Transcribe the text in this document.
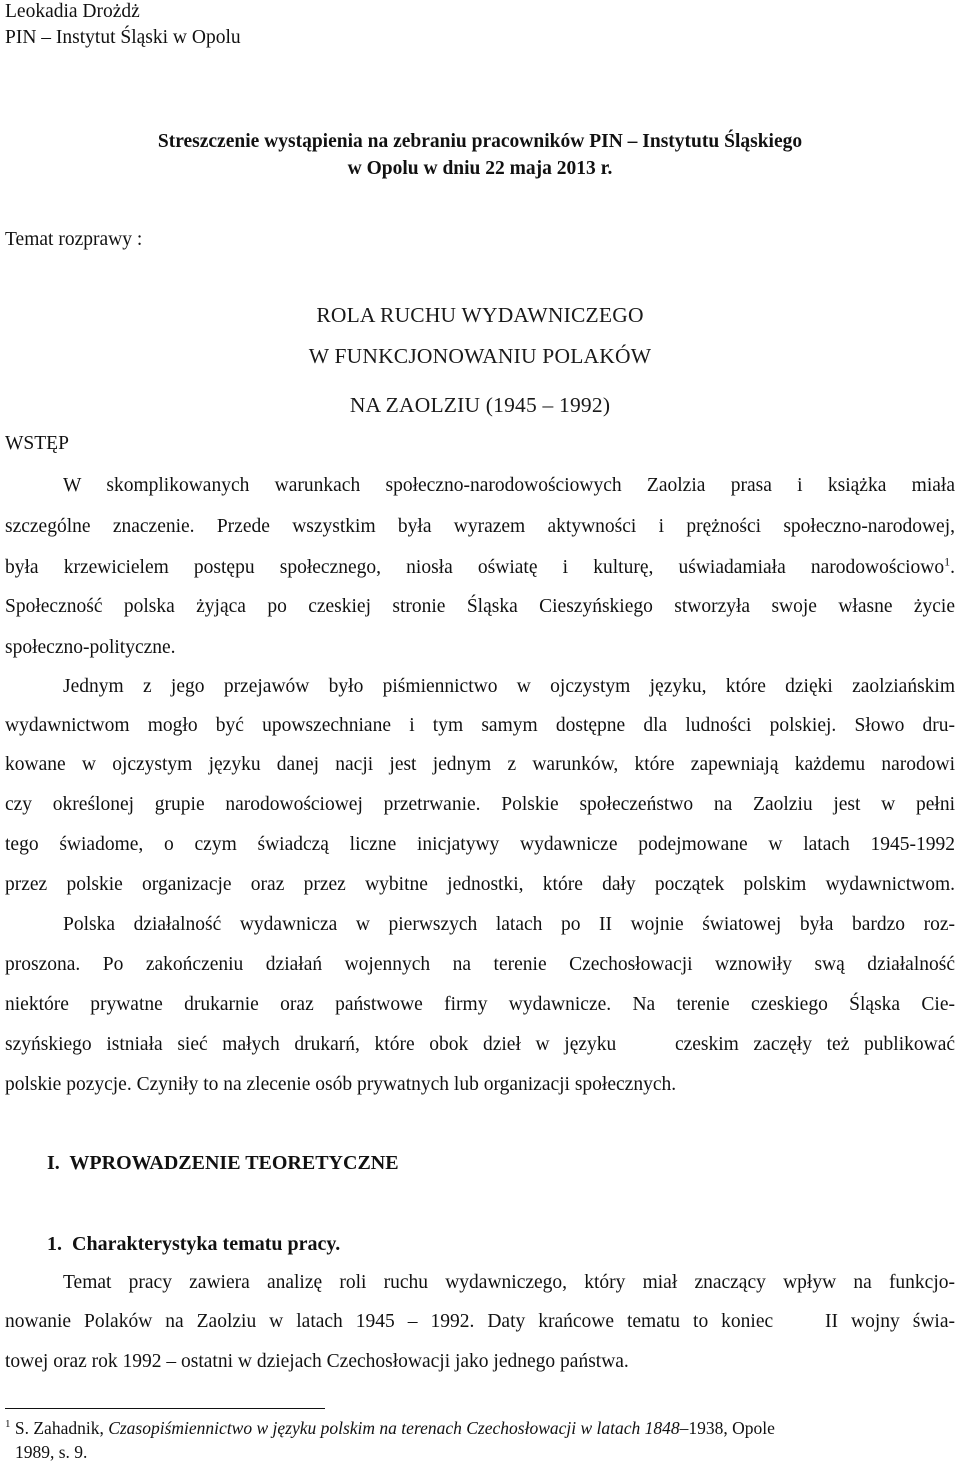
Leokadia Drożdż
PIN – Instytut Śląski w Opolu
Streszczenie wystąpienia na zebraniu pracowników PIN – Instytutu Śląskiego
w Opolu w dniu 22 maja 2013 r.
Temat rozprawy :
ROLA RUCHU WYDAWNICZEGO
W FUNKCJONOWANIU POLAKÓW
NA ZAOLZIU (1945 – 1992)
WSTĘP
W skomplikowanych warunkach społeczno-narodowościowych Zaolzia prasa i książka miała
szczególne znaczenie. Przede wszystkim była wyrazem aktywności i prężności społeczno-narodowej,
była krzewicielem postępu społecznego, niosła oświatę i kulturę, uświadamiała narodowościowo$^1$.
Społeczność polska żyjąca po czeskiej stronie Śląska Cieszyńskiego stworzyła swoje własne życie
społeczno-polityczne.
Jednym z jego przejawów było piśmiennictwo w ojczystym języku, które dzięki zaolziańskim
wydawnictwom mogło być upowszechniane i tym samym dostępne dla ludności polskiej. Słowo dru-
kowane w ojczystym języku danej nacji jest jednym z warunków, które zapewniają każdemu narodowi
czy określonej grupie narodowościowej przetrwanie. Polskie społeczeństwo na Zaolziu jest w pełni
tego świadome, o czym świadczą liczne inicjatywy wydawnicze podejmowane w latach 1945-1992
przez polskie organizacje oraz przez wybitne jednostki, które dały początek polskim wydawnictwom.
Polska działalność wydawnicza w pierwszych latach po II wojnie światowej była bardzo roz-
proszona. Po zakończeniu działań wojennych na terenie Czechosłowacji wznowiły swą działalność
niektóre prywatne drukarnie oraz państwowe firmy wydawnicze. Na terenie czeskiego Śląska Cie-
szyńskiego istniała sieć małych drukarń, które obok dzieł w języku    czeskim zaczęły też publikować
polskie pozycje. Czyniły to na zlecenie osób prywatnych lub organizacji społecznych.
I.  WPROWADZENIE TEORETYCZNE
1.  Charakterystyka tematu pracy.
Temat pracy zawiera analizę roli ruchu wydawniczego, który miał znaczący wpływ na funkcjo-
nowanie Polaków na Zaolziu w latach 1945 – 1992. Daty krańcowe tematu to koniec    II wojny świa-
towej oraz rok 1992 – ostatni w dziejach Czechosłowacji jako jednego państwa.
$^1$ S. Zahadnik, Czasopiśmiennictwo w języku polskim na terenach Czechosłowacji w latach 1848–1938, Opole
1989, s. 9.
